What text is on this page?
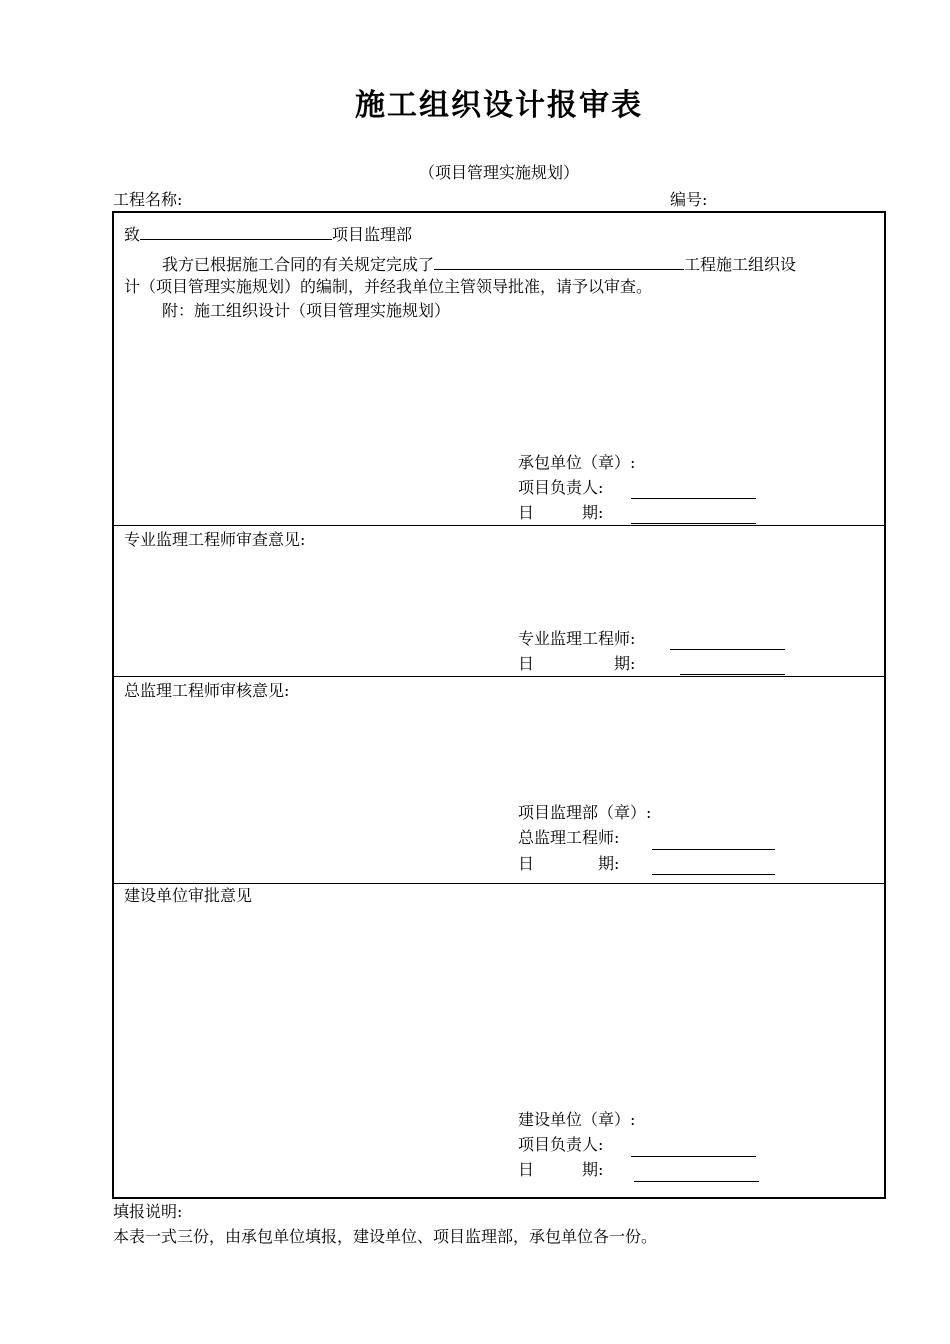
施工组织设计报审表
（项目管理实施规划）
工程名称:	编号:
致	项目监理部
我方已根据施工合同的有关规定完成了	工程施工组织设
计（项目管理实施规划）的编制，并经我单位主管领导批准，请予以审查。
附：施工组织设计（项目管理实施规划）
承包单位（章）:
项目负责人:
日　　　期:
专业监理工程师审查意见:
专业监理工程师:
日　　　　　期:
总监理工程师审核意见:
项目监理部（章）:
总监理工程师:
日　　　　期:
建设单位审批意见
建设单位（章）:
项目负责人:
日　　　期:
填报说明:
本表一式三份，由承包单位填报，建设单位、项目监理部，承包单位各一份。
